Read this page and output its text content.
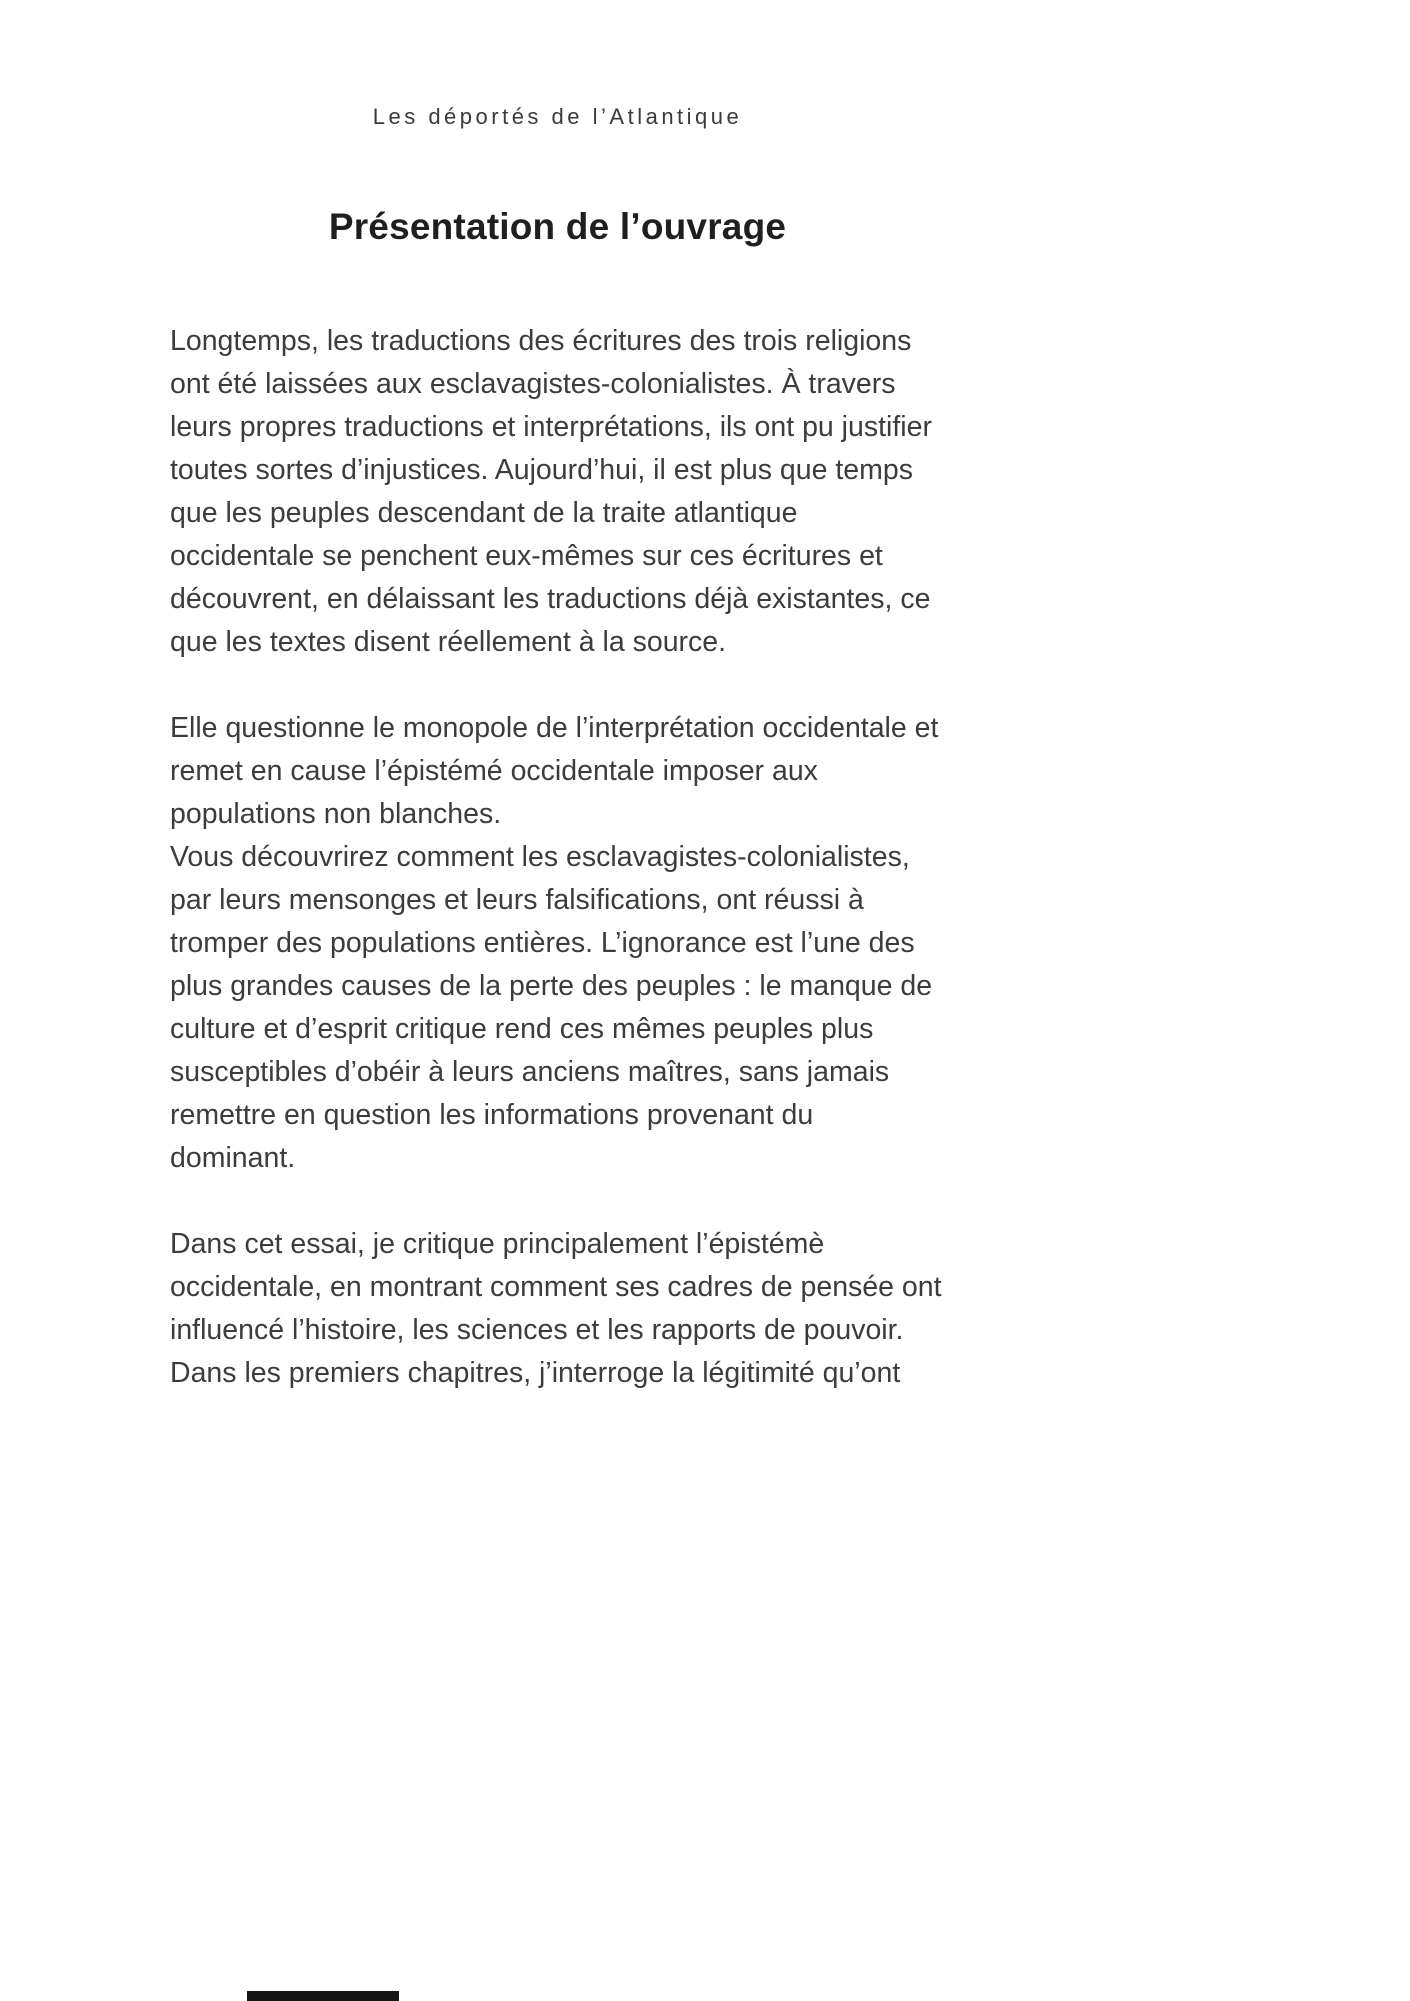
Les déportés de l’Atlantique
Présentation de l’ouvrage

Longtemps, les traductions des écritures des trois religions ont été laissées aux esclavagistes-colonialistes. À travers leurs propres traductions et interprétations, ils ont pu justifier toutes sortes d’injustices. Aujourd’hui, il est plus que temps que les peuples descendant de la traite atlantique occidentale se penchent eux-mêmes sur ces écritures et découvrent, en délaissant les traductions déjà existantes, ce que les textes disent réellement à la source.

Elle questionne le monopole de l’interprétation occidentale et remet en cause l’épistémé occidentale imposer aux populations non blanches.

Vous découvrirez comment les esclavagistes-colonialistes, par leurs mensonges et leurs falsifications, ont réussi à tromper des populations entières. L’ignorance est l’une des plus grandes causes de la perte des peuples : le manque de culture et d’esprit critique rend ces mêmes peuples plus susceptibles d’obéir à leurs anciens maîtres, sans jamais remettre en question les informations provenant du dominant.

Dans cet essai, je critique principalement l’épistémè occidentale, en montrant comment ses cadres de pensée ont influencé l’histoire, les sciences et les rapports de pouvoir.

Dans les premiers chapitres, j’interroge la légitimité qu’ont
